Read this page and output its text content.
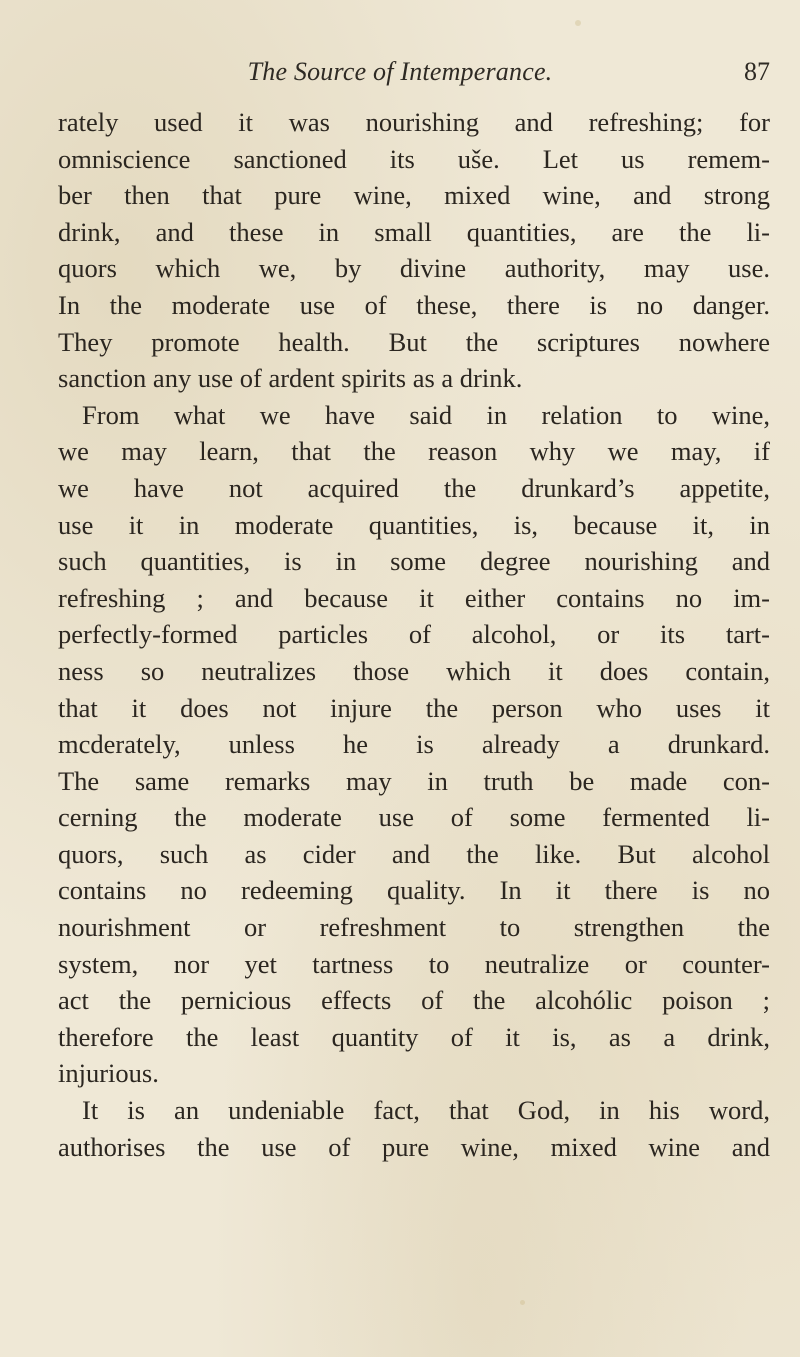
The Source of Intemperance.	87
rately used it was nourishing and refreshing; for
omniscience sanctioned its uše. Let us remem-
ber then that pure wine, mixed wine, and strong
drink, and these in small quantities, are the li-
quors which we, by divine authority, may use.
In the moderate use of these, there is no danger.
They promote health. But the scriptures nowhere
sanction any use of ardent spirits as a drink.
From what we have said in relation to wine,
we may learn, that the reason why we may, if
we have not acquired the drunkard’s appetite,
use it in moderate quantities, is, because it, in
such quantities, is in some degree nourishing and
refreshing ; and because it either contains no im-
perfectly-formed particles of alcohol, or its tart-
ness so neutralizes those which it does contain,
that it does not injure the person who uses it
mcderately, unless he is already a drunkard.
The same remarks may in truth be made con-
cerning the moderate use of some fermented li-
quors, such as cider and the like. But alcohol
contains no redeeming quality. In it there is no
nourishment or refreshment to strengthen the
system, nor yet tartness to neutralize or counter-
act the pernicious effects of the alcohólic poison ;
therefore the least quantity of it is, as a drink,
injurious.
It is an undeniable fact, that God, in his word,
authorises the use of pure wine, mixed wine and
